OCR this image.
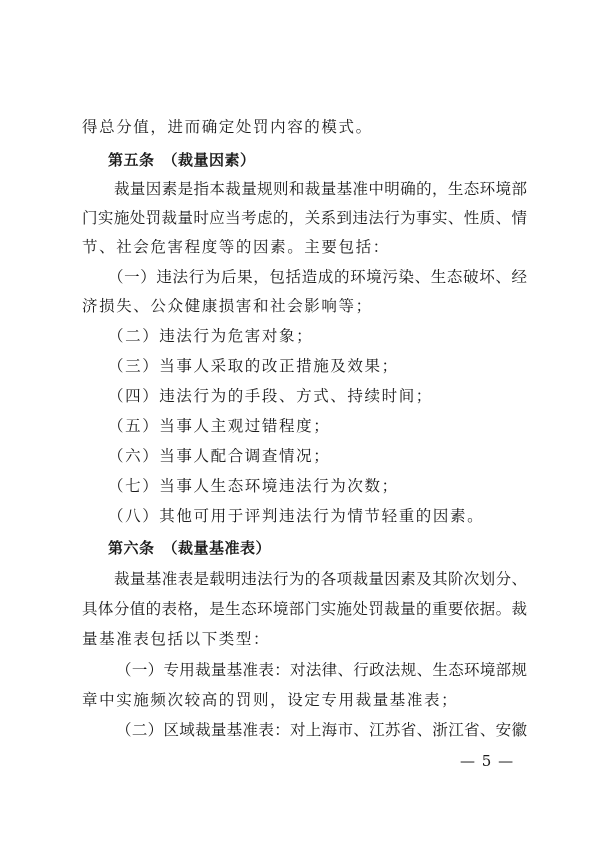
得总分值，进而确定处罚内容的模式。
第五条　（裁量因素）
裁量因素是指本裁量规则和裁量基准中明确的，生态环境部
门实施处罚裁量时应当考虑的，关系到违法行为事实、性质、情
节、社会危害程度等的因素。主要包括：
（一）违法行为后果，包括造成的环境污染、生态破坏、经
济损失、公众健康损害和社会影响等；
（二）违法行为危害对象；
（三）当事人采取的改正措施及效果；
（四）违法行为的手段、方式、持续时间；
（五）当事人主观过错程度；
（六）当事人配合调查情况；
（七）当事人生态环境违法行为次数；
（八）其他可用于评判违法行为情节轻重的因素。
第六条　（裁量基准表）
裁量基准表是载明违法行为的各项裁量因素及其阶次划分、
具体分值的表格，是生态环境部门实施处罚裁量的重要依据。裁
量基准表包括以下类型：
（一）专用裁量基准表：对法律、行政法规、生态环境部规
章中实施频次较高的罚则，设定专用裁量基准表；
（二）区域裁量基准表：对上海市、江苏省、浙江省、安徽
— 5 —
